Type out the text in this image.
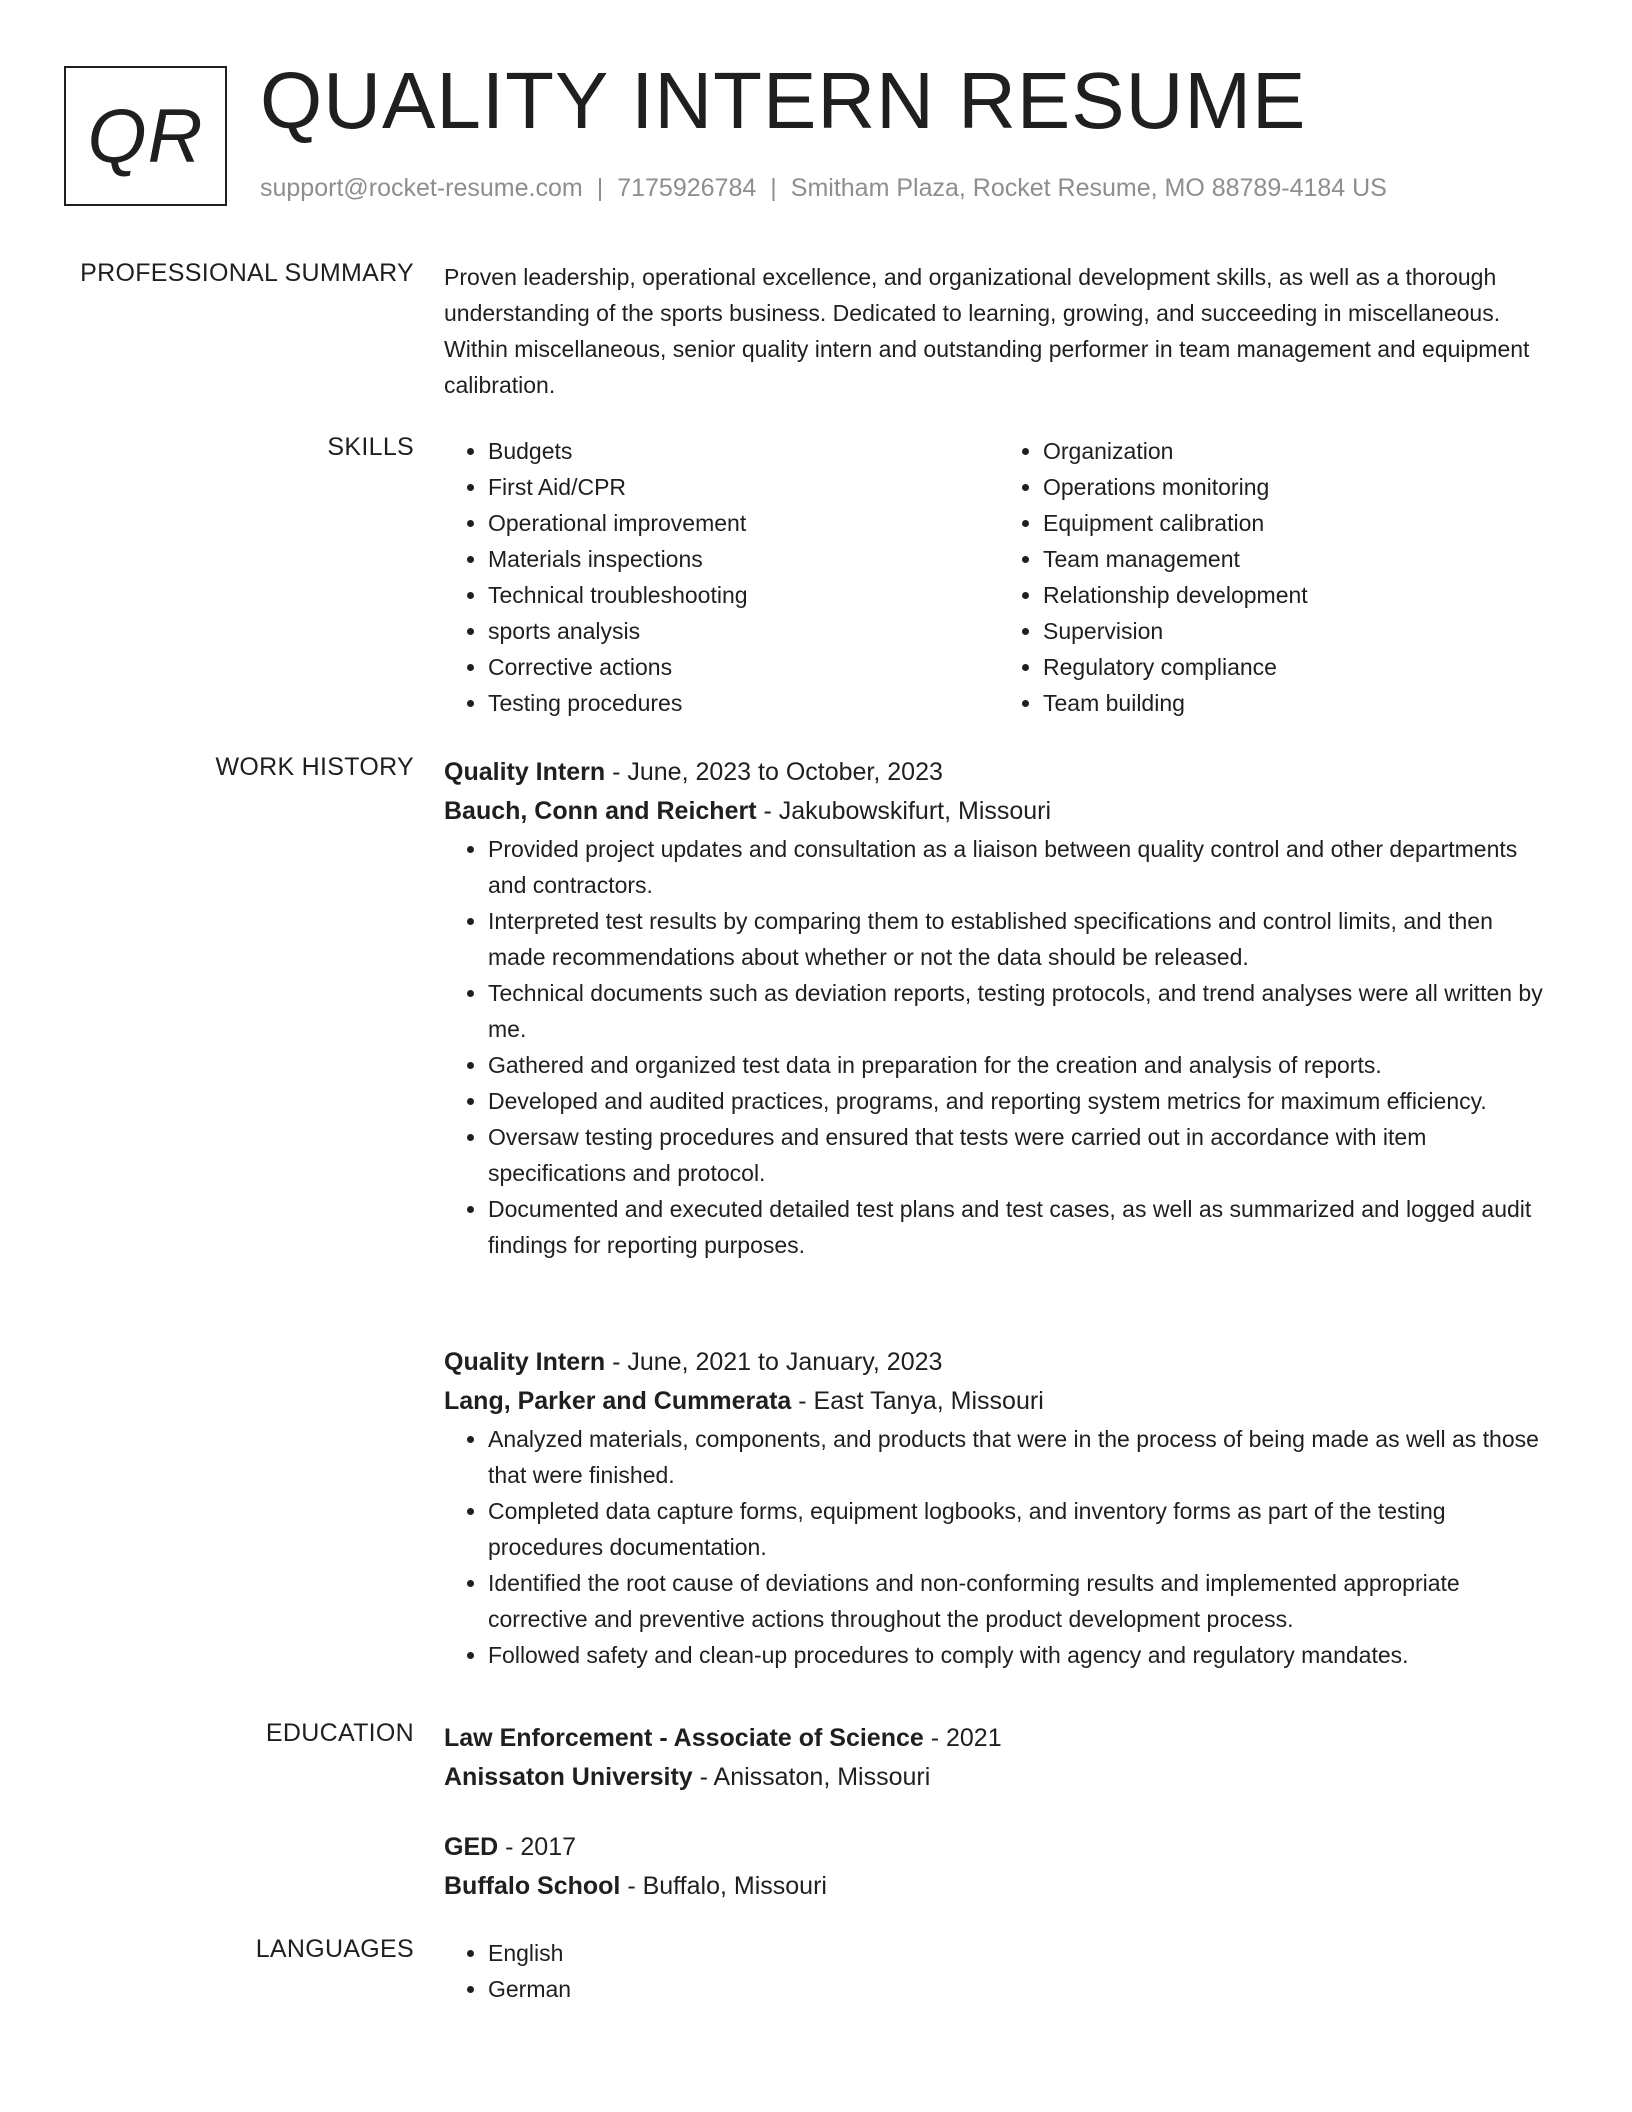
QR QUALITY INTERN RESUME
support@rocket-resume.com | 7175926784 | Smitham Plaza, Rocket Resume, MO 88789-4184 US
PROFESSIONAL SUMMARY Proven leadership, operational excellence, and organizational development skills, as well as a thorough understanding of the sports business. Dedicated to learning, growing, and succeeding in miscellaneous. Within miscellaneous, senior quality intern and outstanding performer in team management and equipment calibration.

SKILLS	• Budgets
• First Aid/CPR
• Operational improvement
• Materials inspections
• Technical troubleshooting
• sports analysis
• Corrective actions
• Testing procedures
• Organization
• Operations monitoring
• Equipment calibration
• Team management
• Relationship development
• Supervision
• Regulatory compliance
• Team building
WORK HISTORY Quality Intern - June, 2023 to October, 2023
Bauch, Conn and Reichert - Jakubowskifurt, Missouri
• Provided project updates and consultation as a liaison between quality control and other departments and contractors.
• Interpreted test results by comparing them to established specifications and control limits, and then made recommendations about whether or not the data should be released.
• Technical documents such as deviation reports, testing protocols, and trend analyses were all written by me.
• Gathered and organized test data in preparation for the creation and analysis of reports.
• Developed and audited practices, programs, and reporting system metrics for maximum efficiency.
• Oversaw testing procedures and ensured that tests were carried out in accordance with item specifications and protocol.
• Documented and executed detailed test plans and test cases, as well as summarized and logged audit findings for reporting purposes.
Quality Intern - June, 2021 to January, 2023
Lang, Parker and Cummerata - East Tanya, Missouri
• Analyzed materials, components, and products that were in the process of being made as well as those that were finished.
• Completed data capture forms, equipment logbooks, and inventory forms as part of the testing procedures documentation.
• Identified the root cause of deviations and non-conforming results and implemented appropriate corrective and preventive actions throughout the product development process.
• Followed safety and clean-up procedures to comply with agency and regulatory mandates.
EDUCATION Law Enforcement - Associate of Science - 2021
Anissaton University - Anissaton, Missouri
GED - 2017
Buffalo School - Buffalo, Missouri
LANGUAGES	• English
• German
